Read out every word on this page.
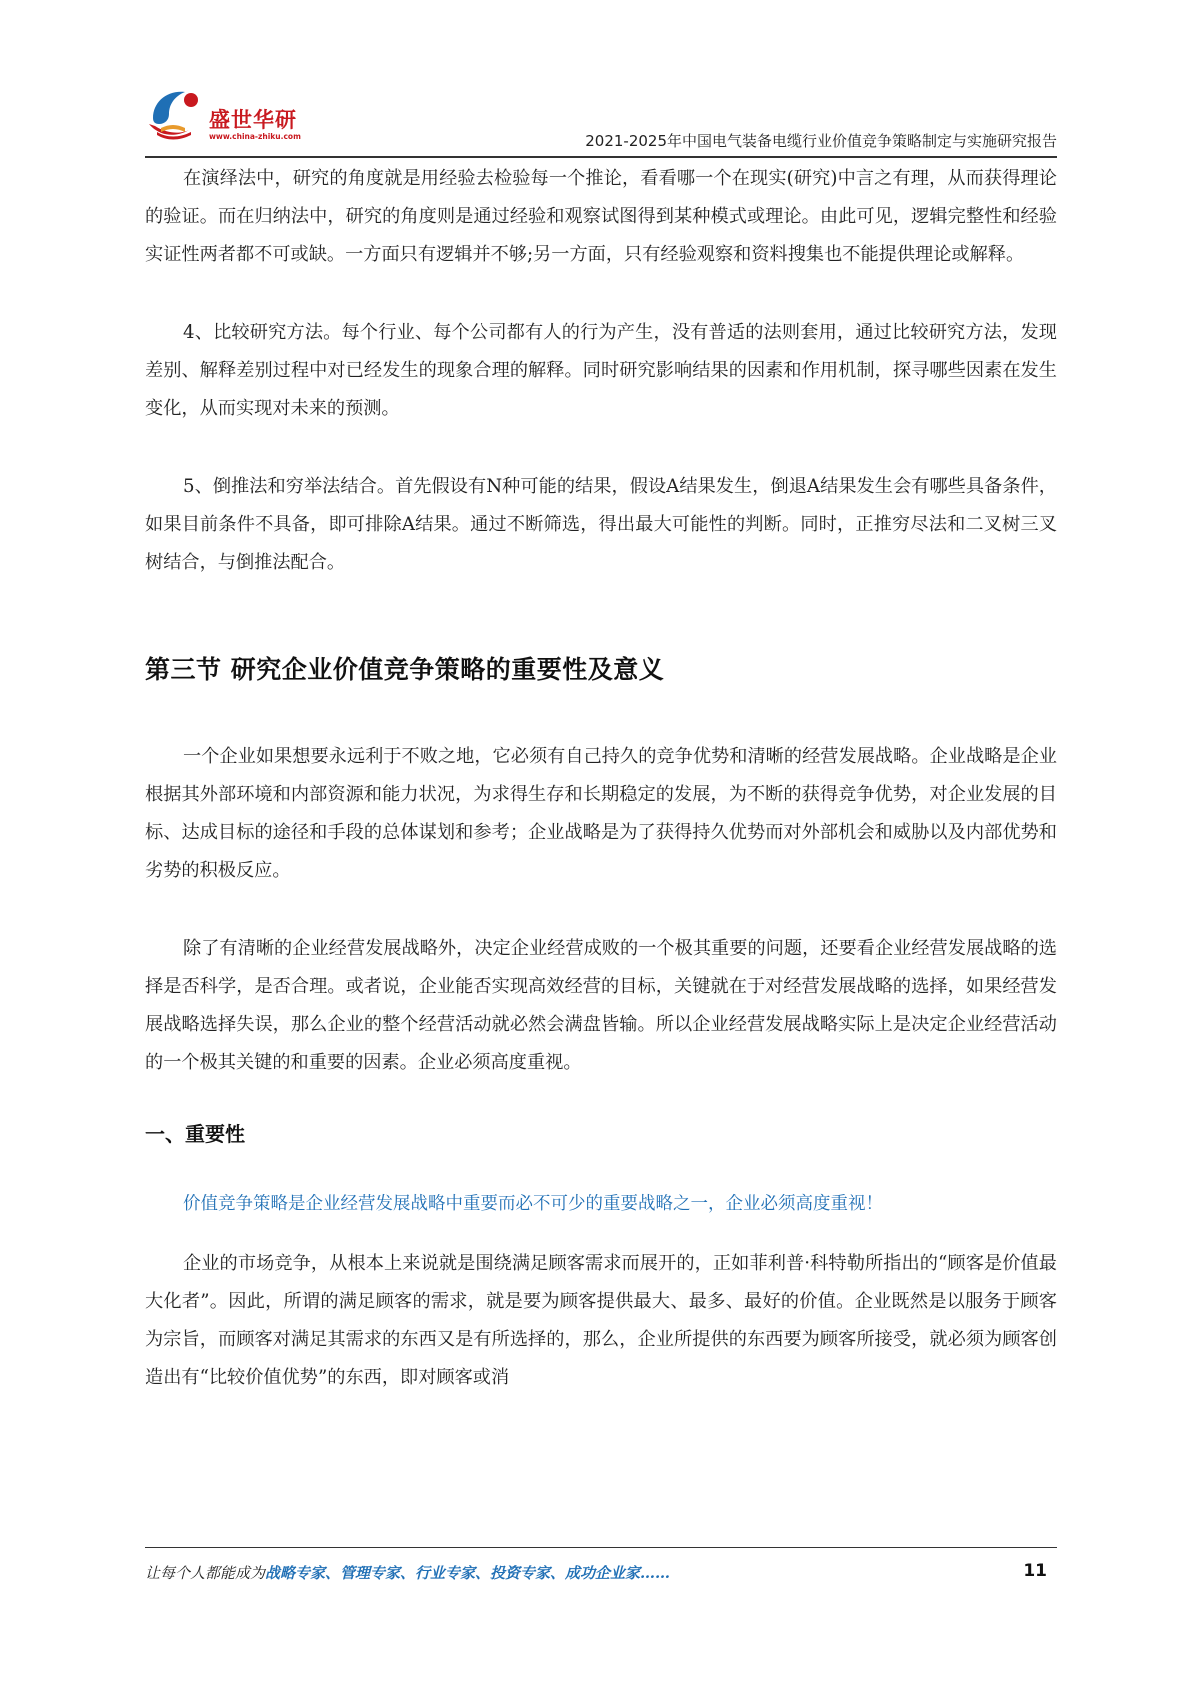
盛世华研
www.china-zhiku.com	2021-2025年中国电气装备电缆行业价值竞争策略制定与实施研究报告

在演绎法中，研究的角度就是用经验去检验每一个推论，看看哪一个在现实(研究)中言之有理，从而获得理论的验证。而在归纳法中，研究的角度则是通过经验和观察试图得到某种模式或理论。由此可见，逻辑完整性和经验实证性两者都不可或缺。一方面只有逻辑并不够;另一方面，只有经验观察和资料搜集也不能提供理论或解释。

4、比较研究方法。每个行业、每个公司都有人的行为产生，没有普适的法则套用，通过比较研究方法，发现差别、解释差别过程中对已经发生的现象合理的解释。同时研究影响结果的因素和作用机制，探寻哪些因素在发生变化，从而实现对未来的预测。

5、倒推法和穷举法结合。首先假设有N种可能的结果，假设A结果发生，倒退A结果发生会有哪些具备条件，如果目前条件不具备，即可排除A结果。通过不断筛选，得出最大可能性的判断。同时，正推穷尽法和二叉树三叉树结合，与倒推法配合。

第三节 研究企业价值竞争策略的重要性及意义

一个企业如果想要永远利于不败之地，它必须有自己持久的竞争优势和清晰的经营发展战略。企业战略是企业根据其外部环境和内部资源和能力状况，为求得生存和长期稳定的发展，为不断的获得竞争优势，对企业发展的目标、达成目标的途径和手段的总体谋划和参考；企业战略是为了获得持久优势而对外部机会和威胁以及内部优势和劣势的积极反应。

除了有清晰的企业经营发展战略外，决定企业经营成败的一个极其重要的问题，还要看企业经营发展战略的选择是否科学，是否合理。或者说，企业能否实现高效经营的目标，关键就在于对经营发展战略的选择，如果经营发展战略选择失误，那么企业的整个经营活动就必然会满盘皆输。所以企业经营发展战略实际上是决定企业经营活动的一个极其关键的和重要的因素。企业必须高度重视。

一、重要性

价值竞争策略是企业经营发展战略中重要而必不可少的重要战略之一，企业必须高度重视！

企业的市场竞争，从根本上来说就是围绕满足顾客需求而展开的，正如菲利普·科特勒所指出的“顾客是价值最大化者”。因此，所谓的满足顾客的需求，就是要为顾客提供最大、最多、最好的价值。企业既然是以服务于顾客为宗旨，而顾客对满足其需求的东西又是有所选择的，那么，企业所提供的东西要为顾客所接受，就必须为顾客创造出有“比较价值优势”的东西，即对顾客或消

让每个人都能成为战略专家、管理专家、行业专家、投资专家、成功企业家……	11
